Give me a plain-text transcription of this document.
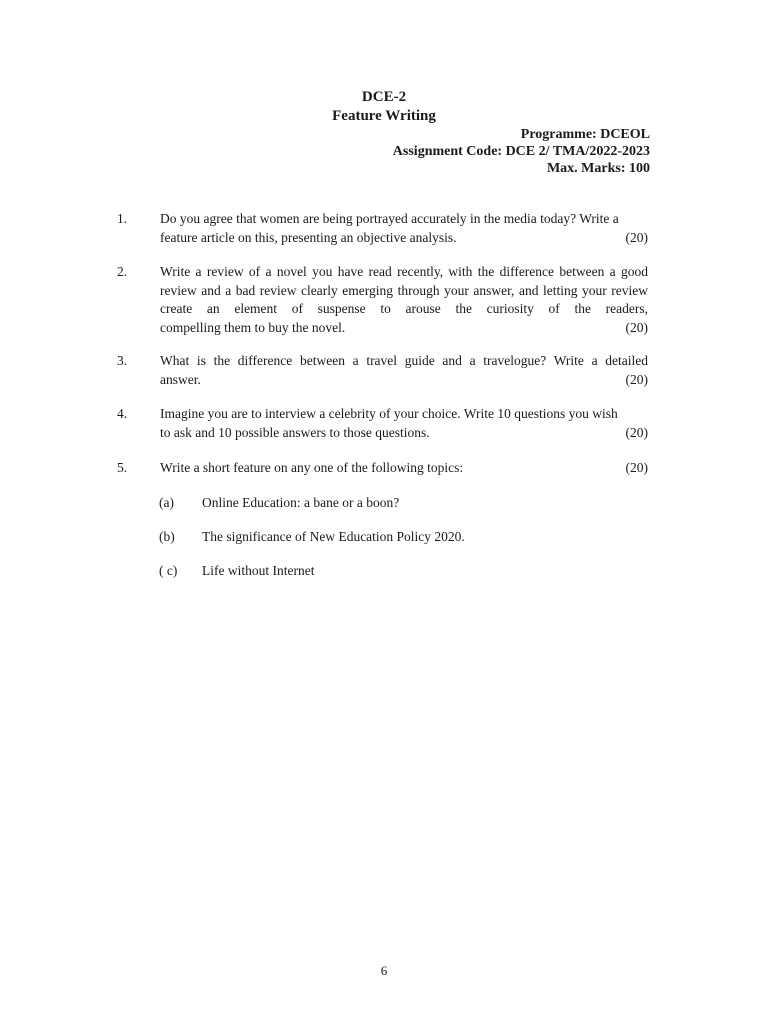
DCE-2
Feature Writing
Programme: DCEOL
Assignment Code: DCE 2/ TMA/2022-2023
Max. Marks: 100
1.	Do you agree that women are being portrayed accurately in the media today? Write a
feature article on this, presenting an objective analysis.	(20)
2.	Write a review of a novel you have read recently, with the difference between a good review and a bad review clearly emerging through your answer, and letting your review create an element of suspense to arouse the curiosity of the readers,
compelling them to buy the novel.	(20)
3.	What is the difference between a travel guide and a travelogue? Write a detailed
answer.	(20)
4.	Imagine you are to interview a celebrity of your choice. Write 10 questions you wish
to ask and 10 possible answers to those questions.	(20)
5.	Write a short feature on any one of the following topics:	(20)
(a) Online Education: a bane or a boon?
(b) The significance of New Education Policy 2020.
( c) Life without Internet
6
